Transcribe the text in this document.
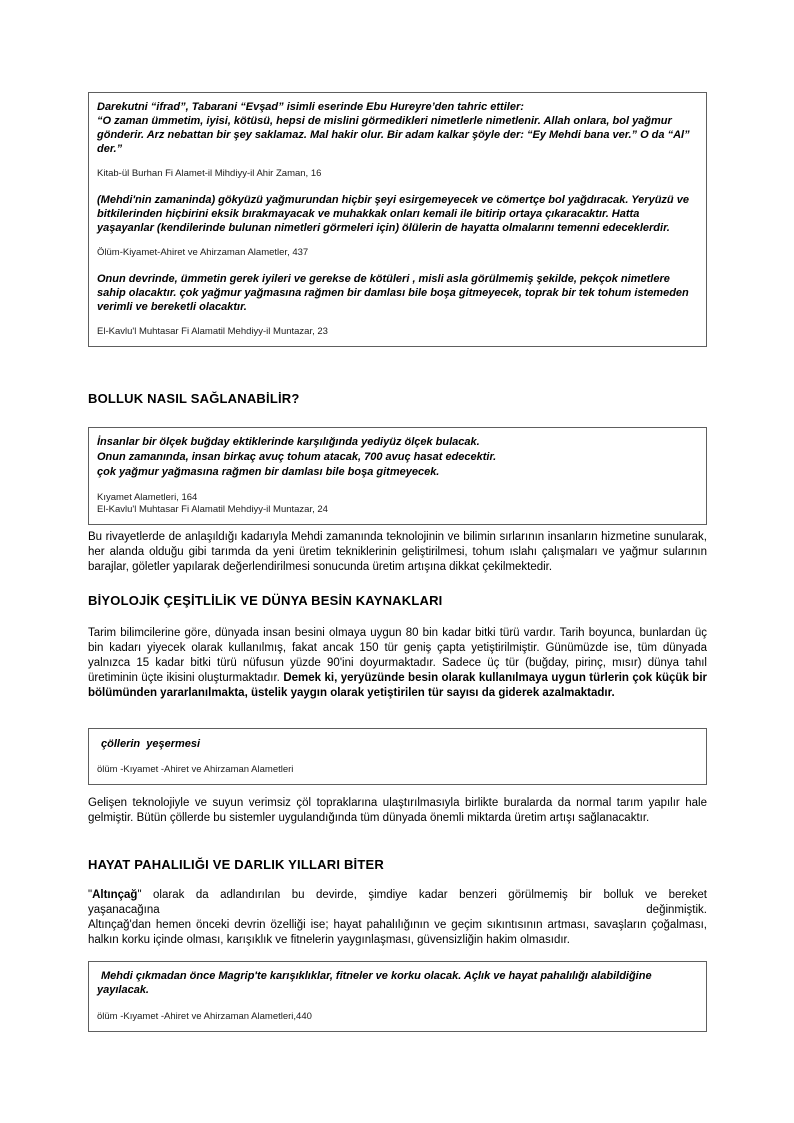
Darekutni “ifrad”, Tabarani “Evşad” isimli eserinde Ebu Hureyre’den tahric ettiler:
“O zaman ümmetim, iyisi, kötüsü, hepsi de mislini görmedikleri nimetlerle nimetlenir. Allah onlara, bol yağmur gönderir. Arz nebattan bir şey saklamaz. Mal hakir olur. Bir adam kalkar şöyle der: “Ey Mehdi bana ver.” O da “Al” der.”
Kitab-ül Burhan Fi Alamet-il Mihdiyy-il Ahir Zaman, 16
(Mehdi'nin zamaninda) gökyüzü yağmurundan hiçbir şeyi esirgemeyecek ve cömertçe bol yağdıracak. Yeryüzü ve bitkilerinden hiçbirini eksik bırakmayacak ve muhakkak onları kemali ile bitirip ortaya çıkaracaktır. Hatta yaşayanlar (kendilerinde bulunan nimetleri görmeleri için) ölülerin de hayatta olmalarını temenni edeceklerdir.
Ölüm-Kiyamet-Ahiret ve Ahirzaman Alametler, 437
Onun devrinde, ümmetin gerek iyileri ve gerekse de kötüleri , misli asla görülmemiş şekilde, pekçok nimetlere sahip olacaktır. çok yağmur yağmasına rağmen bir damlası bile boşa gitmeyecek, toprak bir tek tohum istemeden verimli ve bereketli olacaktır.
El-Kavlu'l Muhtasar Fi Alamatil Mehdiyy-il Muntazar, 23
BOLLUK NASIL SAĞLANABİLİR?
İnsanlar bir ölçek buğday ektiklerinde karşılığında yediyüz ölçek bulacak.
Onun zamanında, insan birkaç avuç tohum atacak, 700 avuç hasat edecektir.
çok yağmur yağmasına rağmen bir damlası bile boşa gitmeyecek.
Kıyamet Alametleri, 164
El-Kavlu'l Muhtasar Fi Alamatil Mehdiyy-il Muntazar, 24
Bu rivayetlerde de anlaşıldığı kadarıyla Mehdi zamanında teknolojinin ve bilimin sırlarının insanların hizmetine sunularak, her alanda olduğu gibi tarımda da yeni üretim tekniklerinin geliştirilmesi, tohum ıslahı çalışmaları ve yağmur sularının barajlar, göletler yapılarak değerlendirilmesi sonucunda üretim artışına dikkat çekilmektedir.
BİYOLOJİK ÇEŞİTLİLİK VE DÜNYA BESİN KAYNAKLARI
Tarim bilimcilerine göre, dünyada insan besini olmaya uygun 80 bin kadar bitki türü vardır. Tarih boyunca, bunlardan üç bin kadarı yiyecek olarak kullanılmış, fakat ancak 150 tür geniş çapta yetiştirilmiştir. Günümüzde ise, tüm dünyada yalnızca 15 kadar bitki türü nüfusun yüzde 90'ini doyurmaktadır. Sadece üç tür (buğday, pirinç, mısır) dünya tahıl üretiminin üçte ikisini oluşturmaktadır. Demek ki, yeryüzünde besin olarak kullanılmaya uygun türlerin çok küçük bir bölümünden yararlanılmakta, üstelik yaygın olarak yetiştirilen tür sayısı da giderek azalmaktadır.
çöllerin  yeşermesi
ölüm -Kıyamet -Ahiret ve Ahirzaman Alametleri
Gelişen teknolojiyle ve suyun verimsiz çöl topraklarına ulaştırılmasıyla birlikte buralarda da normal tarım yapılır hale gelmiştir. Bütün çöllerde bu sistemler uygulandığında tüm dünyada önemli miktarda üretim artışı sağlanacaktır.
HAYAT PAHALILIĞI VE DARLIK YILLARI BİTER
"Altınçağ" olarak da adlandırılan bu devirde, şimdiye kadar benzeri görülmemiş bir bolluk ve bereket
yaşanacağına	değinmiştik.
Altınçağ'dan hemen önceki devrin özelliği ise; hayat pahalılığının ve geçim sıkıntısının artması, savaşların çoğalması, halkın korku içinde olması, karışıklık ve fitnelerin yaygınlaşması, güvensizliğin hakim olmasıdır.
Mehdi çıkmadan önce Magrip'te karışıklıklar, fitneler ve korku olacak. Açlık ve hayat pahalılığı alabildiğine yayılacak.
ölüm -Kıyamet -Ahiret ve Ahirzaman Alametleri,440
